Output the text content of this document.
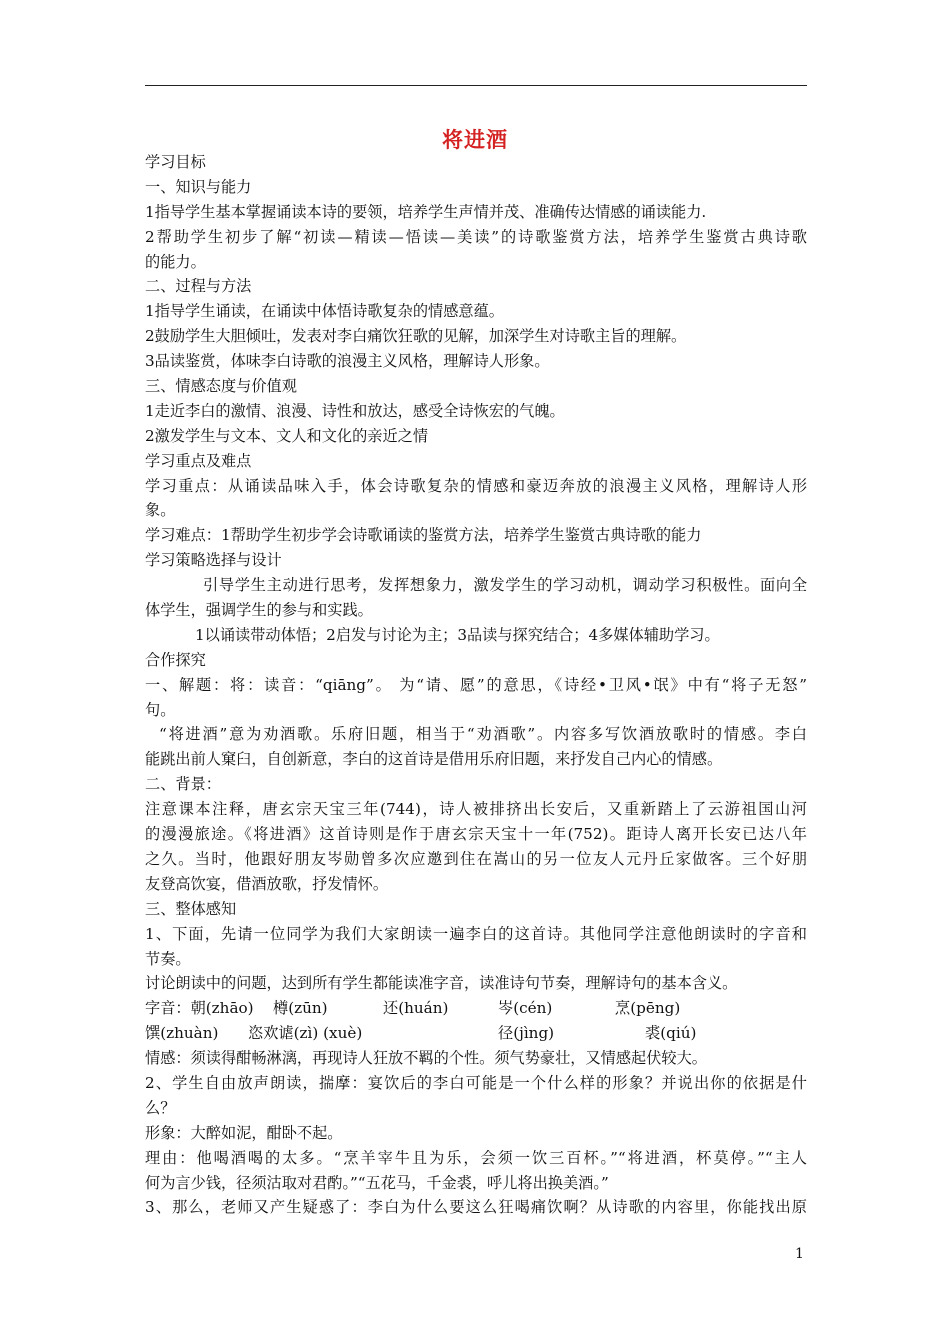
将进酒
学习目标
一、知识与能力
1指导学生基本掌握诵读本诗的要领，培养学生声情并茂、准确传达情感的诵读能力.
2帮助学生初步了解“初读—精读—悟读—美读”的诗歌鉴赏方法，培养学生鉴赏古典诗歌
的能力。
二、过程与方法
1指导学生诵读，在诵读中体悟诗歌复杂的情感意蕴。
2鼓励学生大胆倾吐，发表对李白痛饮狂歌的见解，加深学生对诗歌主旨的理解。
3品读鉴赏，体味李白诗歌的浪漫主义风格，理解诗人形象。
三、情感态度与价值观
1走近李白的激情、浪漫、诗性和放达，感受全诗恢宏的气魄。
2激发学生与文本、文人和文化的亲近之情
学习重点及难点
学习重点：从诵读品味入手，体会诗歌复杂的情感和豪迈奔放的浪漫主义风格，理解诗人形
象。
学习难点：1帮助学生初步学会诗歌诵读的鉴赏方法，培养学生鉴赏古典诗歌的能力
学习策略选择与设计
引导学生主动进行思考，发挥想象力，激发学生的学习动机，调动学习积极性。面向全
体学生，强调学生的参与和实践。
1以诵读带动体悟；2启发与讨论为主；3品读与探究结合；4多媒体辅助学习。
合作探究
一、解题：将：读音：“qiāng”。 为“请、愿”的意思，《诗经•卫风•氓》中有“将子无怒”
句。
“将进酒”意为劝酒歌。乐府旧题，相当于“劝酒歌”。内容多写饮酒放歌时的情感。李白
能跳出前人窠臼，自创新意，李白的这首诗是借用乐府旧题，来抒发自己内心的情感。
二、背景：
注意课本注释，唐玄宗天宝三年(744)，诗人被排挤出长安后，又重新踏上了云游祖国山河
的漫漫旅途。《将进酒》这首诗则是作于唐玄宗天宝十一年(752)。距诗人离开长安已达八年
之久。当时，他跟好朋友岑勋曾多次应邀到住在嵩山的另一位友人元丹丘家做客。三个好朋
友登高饮宴，借酒放歌，抒发情怀。
三、整体感知
1、下面，先请一位同学为我们大家朗读一遍李白的这首诗。其他同学注意他朗读时的字音和
节奏。
讨论朗读中的问题，达到所有学生都能读准字音，读准诗句节奏，理解诗句的基本含义。
字音：朝(zhāo) 樽(zūn)	还(huán)	岑(cén)	烹(pēng)
馔(zhuàn) 恣欢谑(zì) (xuè)	径(jìng)	裘(qiú)
情感：须读得酣畅淋漓，再现诗人狂放不羁的个性。须气势豪壮，又情感起伏较大。
2、学生自由放声朗读，揣摩：宴饮后的李白可能是一个什么样的形象？并说出你的依据是什
么？
形象：大醉如泥，酣卧不起。
理由：他喝酒喝的太多。“烹羊宰牛且为乐，会须一饮三百杯。”“将进酒，杯莫停。”“主人
何为言少钱，径须沽取对君酌。”“五花马，千金裘，呼儿将出换美酒。”
3、那么，老师又产生疑惑了：李白为什么要这么狂喝痛饮啊？从诗歌的内容里，你能找出原
1
